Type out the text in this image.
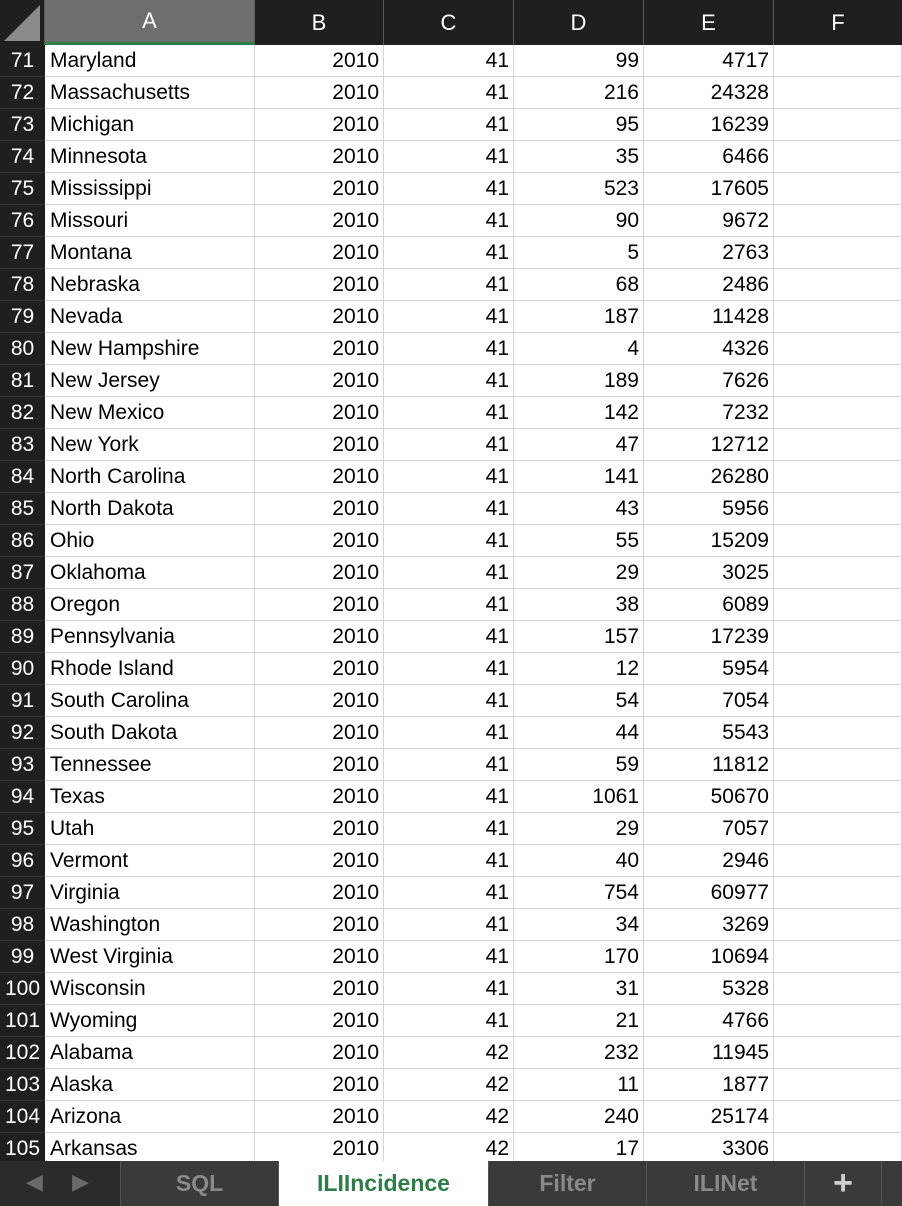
A	B	C	D	E	F
71 Maryland	2010	41	99	4717
72 Massachusetts	2010	41	216	24328
73 Michigan	2010	41	95	16239
74 Minnesota	2010	41	35	6466
75 Mississippi	2010	41	523	17605
76 Missouri	2010	41	90	9672
77 Montana	2010	41	5	2763
78 Nebraska	2010	41	68	2486
79 Nevada	2010	41	187	11428
80 New Hampshire	2010	41	4	4326
81 New Jersey	2010	41	189	7626
82 New Mexico	2010	41	142	7232
83 New York	2010	41	47	12712
84 North Carolina	2010	41	141	26280
85 North Dakota	2010	41	43	5956
86 Ohio	2010	41	55	15209
87 Oklahoma	2010	41	29	3025
88 Oregon	2010	41	38	6089
89 Pennsylvania	2010	41	157	17239
90 Rhode Island	2010	41	12	5954
91 South Carolina	2010	41	54	7054
92 South Dakota	2010	41	44	5543
93 Tennessee	2010	41	59	11812
94 Texas	2010	41	1061	50670
95 Utah	2010	41	29	7057
96 Vermont	2010	41	40	2946
97 Virginia	2010	41	754	60977
98 Washington	2010	41	34	3269
99 West Virginia	2010	41	170	10694
100 Wisconsin	2010	41	31	5328
101 Wyoming	2010	41	21	4766
102 Alabama	2010	42	232	11945
103 Alaska	2010	42	11	1877
104 Arizona	2010	42	240	25174
105 Arkansas	2010	42	17	3306
◀ ▶	SQL	ILIIncidence	Filter	ILINet	+
